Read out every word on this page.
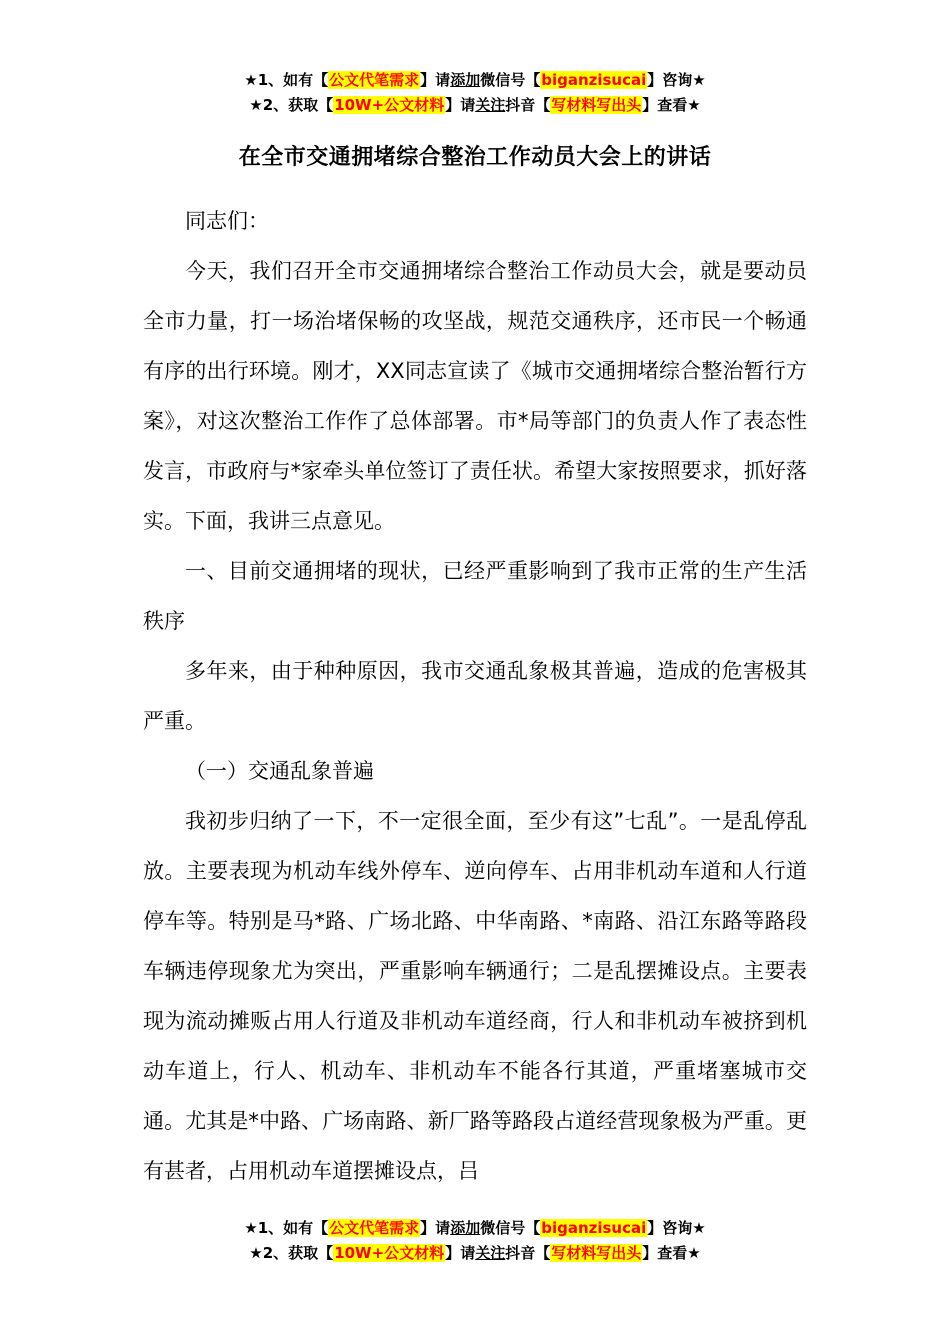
★1、如有【公文代笔需求】请添加微信号【biganzisucai】咨询★
★2、获取【10W+公文材料】请关注抖音【写材料写出头】查看★
在全市交通拥堵综合整治工作动员大会上的讲话

同志们：

今天，我们召开全市交通拥堵综合整治工作动员大会，就是要动员全市力量，打一场治堵保畅的攻坚战，规范交通秩序，还市民一个畅通有序的出行环境。刚才，XX同志宣读了《城市交通拥堵综合整治暂行方案》，对这次整治工作作了总体部署。市*局等部门的负责人作了表态性发言，市政府与*家牵头单位签订了责任状。希望大家按照要求，抓好落实。下面，我讲三点意见。

一、目前交通拥堵的现状，已经严重影响到了我市正常的生产生活秩序

多年来，由于种种原因，我市交通乱象极其普遍，造成的危害极其严重。

（一）交通乱象普遍

我初步归纳了一下，不一定很全面，至少有这”七乱”。一是乱停乱放。主要表现为机动车线外停车、逆向停车、占用非机动车道和人行道停车等。特别是马*路、广场北路、中华南路、*南路、沿江东路等路段车辆违停现象尤为突出，严重影响车辆通行；二是乱摆摊设点。主要表现为流动摊贩占用人行道及非机动车道经商，行人和非机动车被挤到机动车道上，行人、机动车、非机动车不能各行其道，严重堵塞城市交通。尤其是*中路、广场南路、新厂路等路段占道经营现象极为严重。更有甚者，占用机动车道摆摊设点，吕

★1、如有【公文代笔需求】请添加微信号【biganzisucai】咨询★
★2、获取【10W+公文材料】请关注抖音【写材料写出头】查看★
